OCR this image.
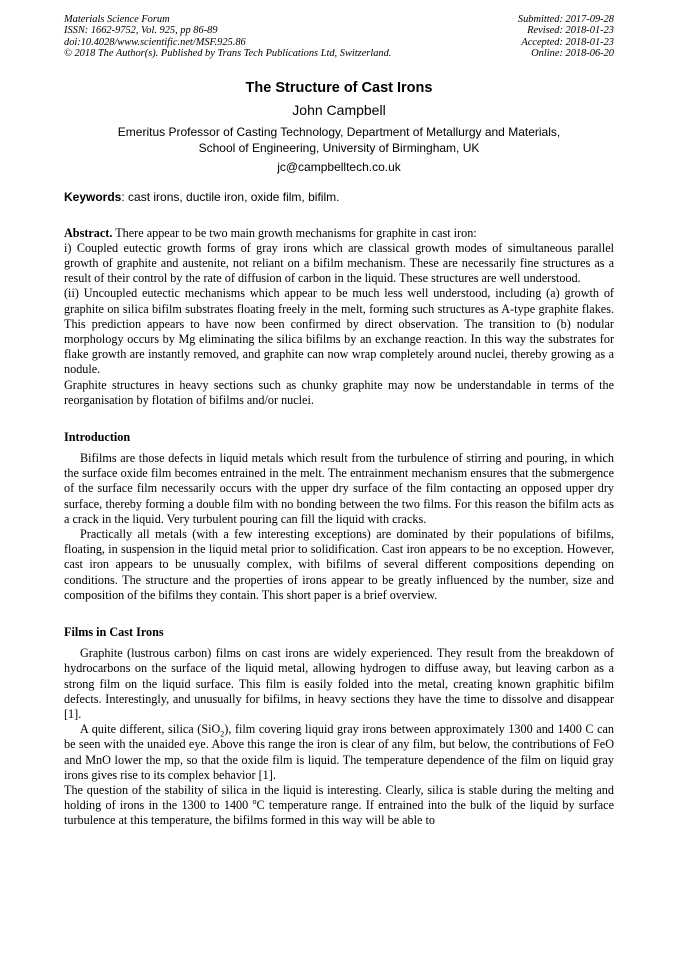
Materials Science Forum
ISSN: 1662-9752, Vol. 925, pp 86-89
doi:10.4028/www.scientific.net/MSF.925.86
© 2018 The Author(s). Published by Trans Tech Publications Ltd, Switzerland.
Submitted: 2017-09-28
Revised: 2018-01-23
Accepted: 2018-01-23
Online: 2018-06-20
The Structure of Cast Irons
John Campbell
Emeritus Professor of Casting Technology, Department of Metallurgy and Materials,
School of Engineering, University of Birmingham, UK
jc@campbelltech.co.uk
Keywords: cast irons, ductile iron, oxide film, bifilm.

Abstract. There appear to be two main growth mechanisms for graphite in cast iron:

i) Coupled eutectic growth forms of gray irons which are classical growth modes of simultaneous parallel growth of graphite and austenite, not reliant on a bifilm mechanism. These are necessarily fine structures as a result of their control by the rate of diffusion of carbon in the liquid. These structures are well understood.

(ii) Uncoupled eutectic mechanisms which appear to be much less well understood, including (a) growth of graphite on silica bifilm substrates floating freely in the melt, forming such structures as A-type graphite flakes. This prediction appears to have now been confirmed by direct observation. The transition to (b) nodular morphology occurs by Mg eliminating the silica bifilms by an exchange reaction. In this way the substrates for flake growth are instantly removed, and graphite can now wrap completely around nuclei, thereby growing as a nodule.

Graphite structures in heavy sections such as chunky graphite may now be understandable in terms of the reorganisation by flotation of bifilms and/or nuclei.

Introduction

Bifilms are those defects in liquid metals which result from the turbulence of stirring and pouring, in which the surface oxide film becomes entrained in the melt. The entrainment mechanism ensures that the submergence of the surface film necessarily occurs with the upper dry surface of the film contacting an opposed upper dry surface, thereby forming a double film with no bonding between the two films. For this reason the bifilm acts as a crack in the liquid. Very turbulent pouring can fill the liquid with cracks.

Practically all metals (with a few interesting exceptions) are dominated by their populations of bifilms, floating, in suspension in the liquid metal prior to solidification. Cast iron appears to be no exception. However, cast iron appears to be unusually complex, with bifilms of several different compositions depending on conditions. The structure and the properties of irons appear to be greatly influenced by the number, size and composition of the bifilms they contain. This short paper is a brief overview.

Films in Cast Irons

Graphite (lustrous carbon) films on cast irons are widely experienced. They result from the breakdown of hydrocarbons on the surface of the liquid metal, allowing hydrogen to diffuse away, but leaving carbon as a strong film on the liquid surface. This film is easily folded into the metal, creating known graphitic bifilm defects. Interestingly, and unusually for bifilms, in heavy sections they have the time to dissolve and disappear [1].

A quite different, silica (SiO$_2$), film covering liquid gray irons between approximately 1300 and 1400 C can be seen with the unaided eye. Above this range the iron is clear of any film, but below, the contributions of FeO and MnO lower the mp, so that the oxide film is liquid. The temperature dependence of the film on liquid gray irons gives rise to its complex behavior [1].

The question of the stability of silica in the liquid is interesting. Clearly, silica is stable during the melting and holding of irons in the 1300 to 1400 $^o$C temperature range. If entrained into the bulk of the liquid by surface turbulence at this temperature, the bifilms formed in this way will be able to
